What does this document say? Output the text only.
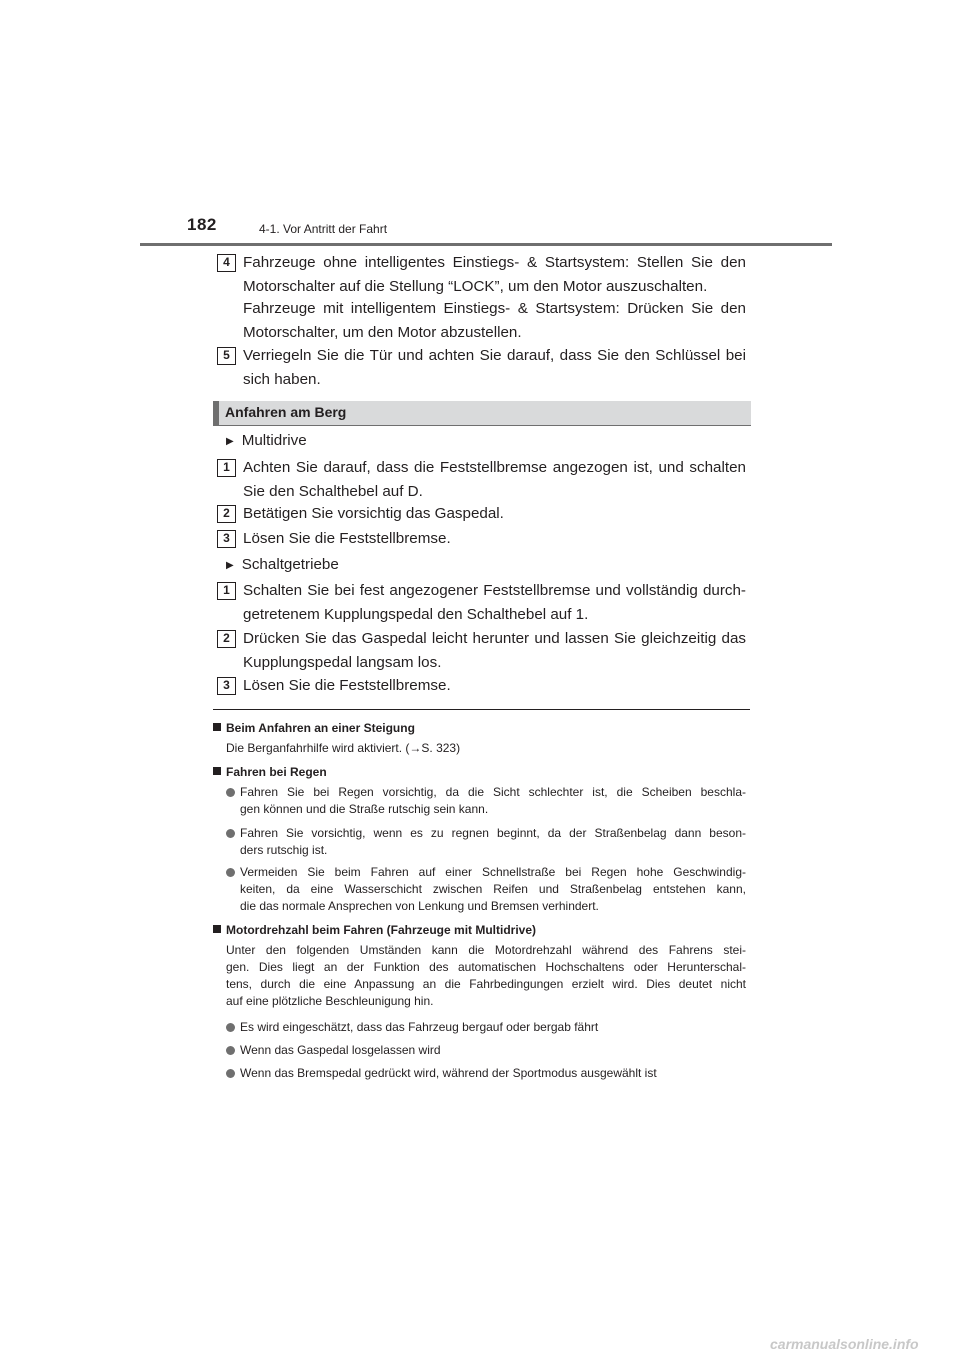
182	4-1. Vor Antritt der Fahrt
4 Fahrzeuge ohne intelligentes Einstiegs- & Startsystem: Stellen Sie den
Motorschalter auf die Stellung “LOCK”, um den Motor auszuschalten.
Fahrzeuge mit intelligentem Einstiegs- & Startsystem: Drücken Sie den
Motorschalter, um den Motor abzustellen.
5 Verriegeln Sie die Tür und achten Sie darauf, dass Sie den Schlüssel bei
sich haben.
Anfahren am Berg
▶ Multidrive
1 Achten Sie darauf, dass die Feststellbremse angezogen ist, und schalten
Sie den Schalthebel auf D.
2 Betätigen Sie vorsichtig das Gaspedal.
3 Lösen Sie die Feststellbremse.
▶ Schaltgetriebe
1 Schalten Sie bei fest angezogener Feststellbremse und vollständig durch-
getretenem Kupplungspedal den Schalthebel auf 1.
2 Drücken Sie das Gaspedal leicht herunter und lassen Sie gleichzeitig das
Kupplungspedal langsam los.
3 Lösen Sie die Feststellbremse.
Beim Anfahren an einer Steigung
Die Berganfahrhilfe wird aktiviert. (→S. 323)
Fahren bei Regen
Fahren Sie bei Regen vorsichtig, da die Sicht schlechter ist, die Scheiben beschla-
gen können und die Straße rutschig sein kann.
Fahren Sie vorsichtig, wenn es zu regnen beginnt, da der Straßenbelag dann beson-
ders rutschig ist.
Vermeiden Sie beim Fahren auf einer Schnellstraße bei Regen hohe Geschwindig-
keiten, da eine Wasserschicht zwischen Reifen und Straßenbelag entstehen kann,
die das normale Ansprechen von Lenkung und Bremsen verhindert.
Motordrehzahl beim Fahren (Fahrzeuge mit Multidrive)
Unter den folgenden Umständen kann die Motordrehzahl während des Fahrens stei-
gen. Dies liegt an der Funktion des automatischen Hochschaltens oder Herunterschal-
tens, durch die eine Anpassung an die Fahrbedingungen erzielt wird. Dies deutet nicht
auf eine plötzliche Beschleunigung hin.
Es wird eingeschätzt, dass das Fahrzeug bergauf oder bergab fährt
Wenn das Gaspedal losgelassen wird
Wenn das Bremspedal gedrückt wird, während der Sportmodus ausgewählt ist
carmanualsonline.info
